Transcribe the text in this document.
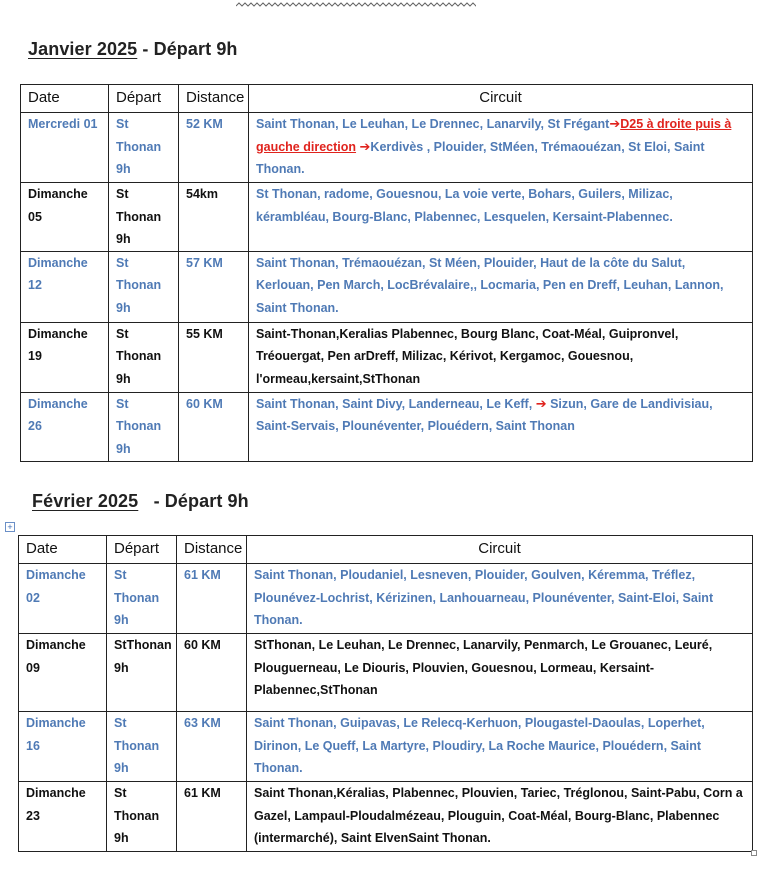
Janvier 2025 - Départ 9h
Date	Départ	Distance	Circuit
Mercredi 01	St Thonan 9h	52 KM	Saint Thonan, Le Leuhan, Le Drennec, Lanarvily, St Frégant➔D25 à droite puis à gauche direction ➔Kerdivès , Plouider, StMéen, Trémaouézan, St Eloi, Saint Thonan.
Dimanche 05	St Thonan 9h	54km	St Thonan, radome, Gouesnou, La voie verte, Bohars, Guilers, Milizac, kérambléau, Bourg-Blanc, Plabennec, Lesquelen, Kersaint-Plabennec.
Dimanche 12	St Thonan 9h	57 KM	Saint Thonan, Trémaouézan, St Méen, Plouider, Haut de la côte du Salut, Kerlouan, Pen March, LocBrévalaire,, Locmaria, Pen en Dreff, Leuhan, Lannon, Saint Thonan.
Dimanche 19	St Thonan 9h	55 KM	Saint-Thonan,Keralias Plabennec, Bourg Blanc, Coat-Méal, Guipronvel, Tréouergat, Pen arDreff, Milizac, Kérivot, Kergamoc, Gouesnou, l'ormeau,kersaint,StThonan
Dimanche 26	St Thonan 9h	60 KM	Saint Thonan, Saint Divy, Landerneau, Le Keff, ➔ Sizun, Gare de Landivisiau, Saint-Servais, Plounéventer, Plouédern, Saint Thonan
Février 2025 - Départ 9h
+
Date	Départ	Distance	Circuit
Dimanche 02	St Thonan 9h	61 KM	Saint Thonan, Ploudaniel, Lesneven, Plouider, Goulven, Kéremma, Tréflez, Plounévez-Lochrist, Kérizinen, Lanhouarneau, Plounéventer, Saint-Eloi, Saint Thonan.
Dimanche 09	StThonan 9h	60 KM	StThonan, Le Leuhan, Le Drennec, Lanarvily, Penmarch, Le Grouanec, Leuré, Plouguerneau, Le Diouris, Plouvien, Gouesnou, Lormeau, Kersaint-Plabennec,StThonan
Dimanche 16	St Thonan 9h	63 KM	Saint Thonan, Guipavas, Le Relecq-Kerhuon, Plougastel-Daoulas, Loperhet, Dirinon, Le Queff, La Martyre, Ploudiry, La Roche Maurice, Plouédern, Saint Thonan.
Dimanche 23	St Thonan 9h	61 KM	Saint Thonan,Kéralias, Plabennec, Plouvien, Tariec, Tréglonou, Saint-Pabu, Corn a Gazel, Lampaul-Ploudalmézeau, Plouguin, Coat-Méal, Bourg-Blanc, Plabennec (intermarché), Saint ElvenSaint Thonan.
